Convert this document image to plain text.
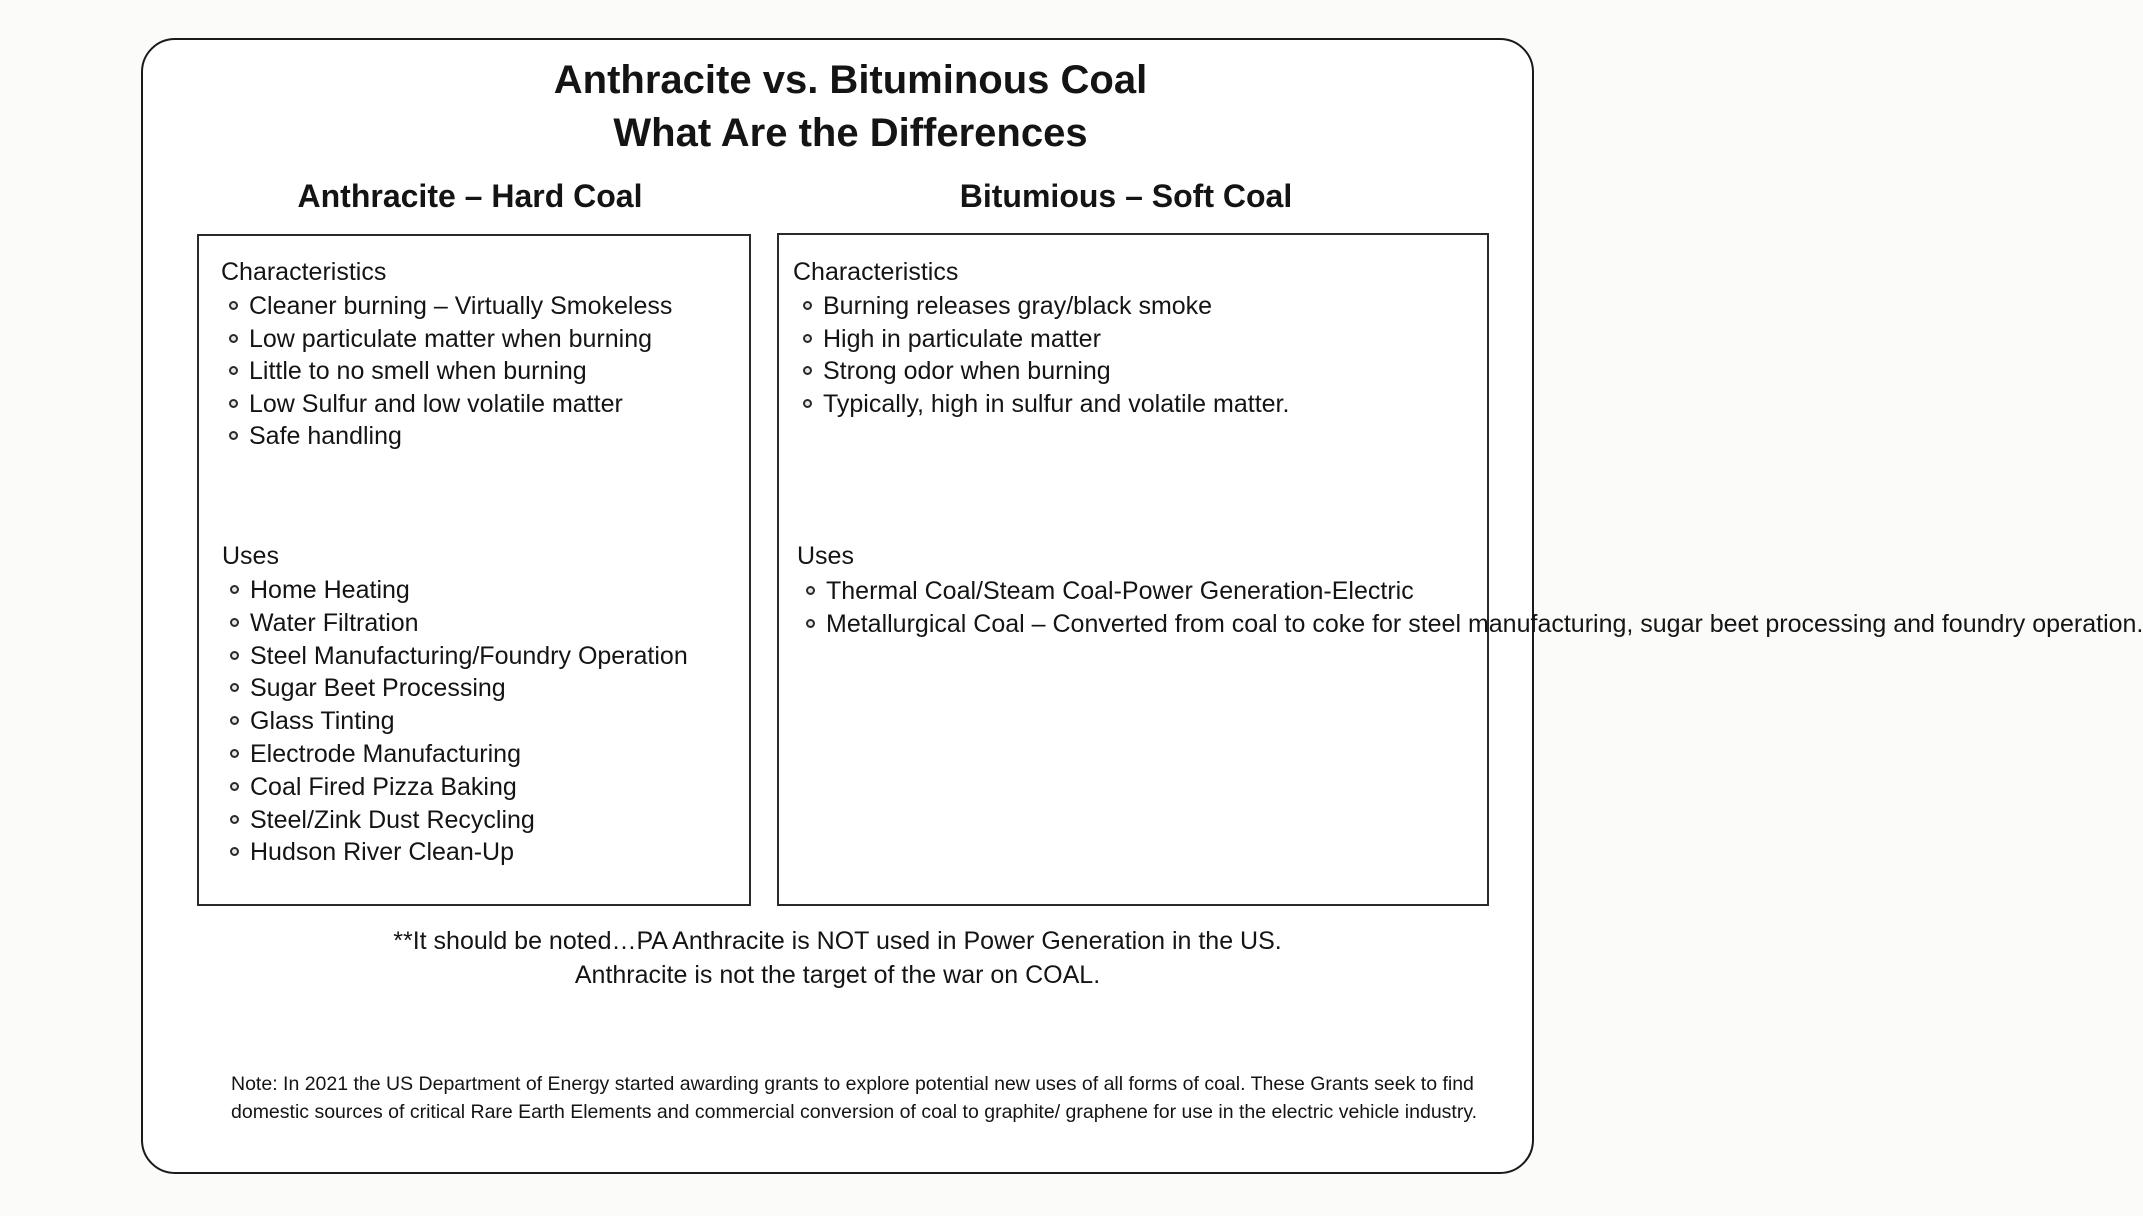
Anthracite vs. Bituminous Coal
What Are the Differences
Anthracite – Hard Coal	Bitumious – Soft Coal

Characteristics

Cleaner burning – Virtually Smokeless
Low particulate matter when burning
Little to no smell when burning
Low Sulfur and low volatile matter
Safe handling

Uses

Home Heating
Water Filtration
Steel Manufacturing/Foundry Operation
Sugar Beet Processing
Glass Tinting
Electrode Manufacturing
Coal Fired Pizza Baking
Steel/Zink Dust Recycling
Hudson River Clean-Up

Characteristics

Burning releases gray/black smoke
High in particulate matter
Strong odor when burning
Typically, high in sulfur and volatile matter.

Uses

Thermal Coal/Steam Coal-Power Generation-Electric
Metallurgical Coal – Converted from coal to coke for steel manufacturing, sugar beet processing and foundry operation.

**It should be noted…PA Anthracite is NOT used in Power Generation in the US.
Anthracite is not the target of the war on COAL.

Note: In 2021 the US Department of Energy started awarding grants to explore potential new uses of all forms of coal. These Grants seek to find domestic sources of critical Rare Earth Elements and commercial conversion of coal to graphite/ graphene for use in the electric vehicle industry.
